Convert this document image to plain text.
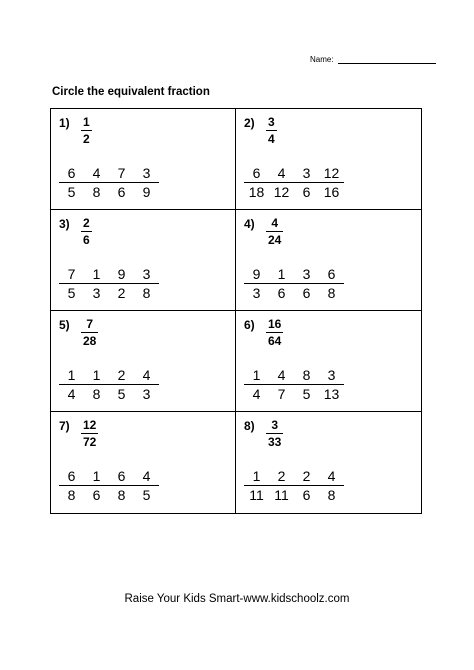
Name:
Circle the equivalent fraction
1) 1
2
$\frac{6}{5} \frac{4}{8} \frac{7}{6} \frac{3}{9}$
2) 3
4
$\frac{6}{18} \frac{4}{12} \frac{3}{6} \frac{12}{16}$
3) 2
6
$\frac{7}{5} \frac{1}{3} \frac{9}{2} \frac{3}{8}$
4) 4
24
$\frac{9}{3} \frac{1}{6} \frac{3}{6} \frac{6}{8}$
5) 7
28
$\frac{1}{4} \frac{1}{8} \frac{2}{5} \frac{4}{3}$
6) 16
64
$\frac{1}{4} \frac{4}{7} \frac{8}{5} \frac{3}{13}$
7) 12
72
$\frac{6}{8} \frac{1}{6} \frac{6}{8} \frac{4}{5}$
8) 3
33
$\frac{1}{11} \frac{2}{11} \frac{2}{6} \frac{4}{8}$
Raise Your Kids Smart-www.kidschoolz.com
